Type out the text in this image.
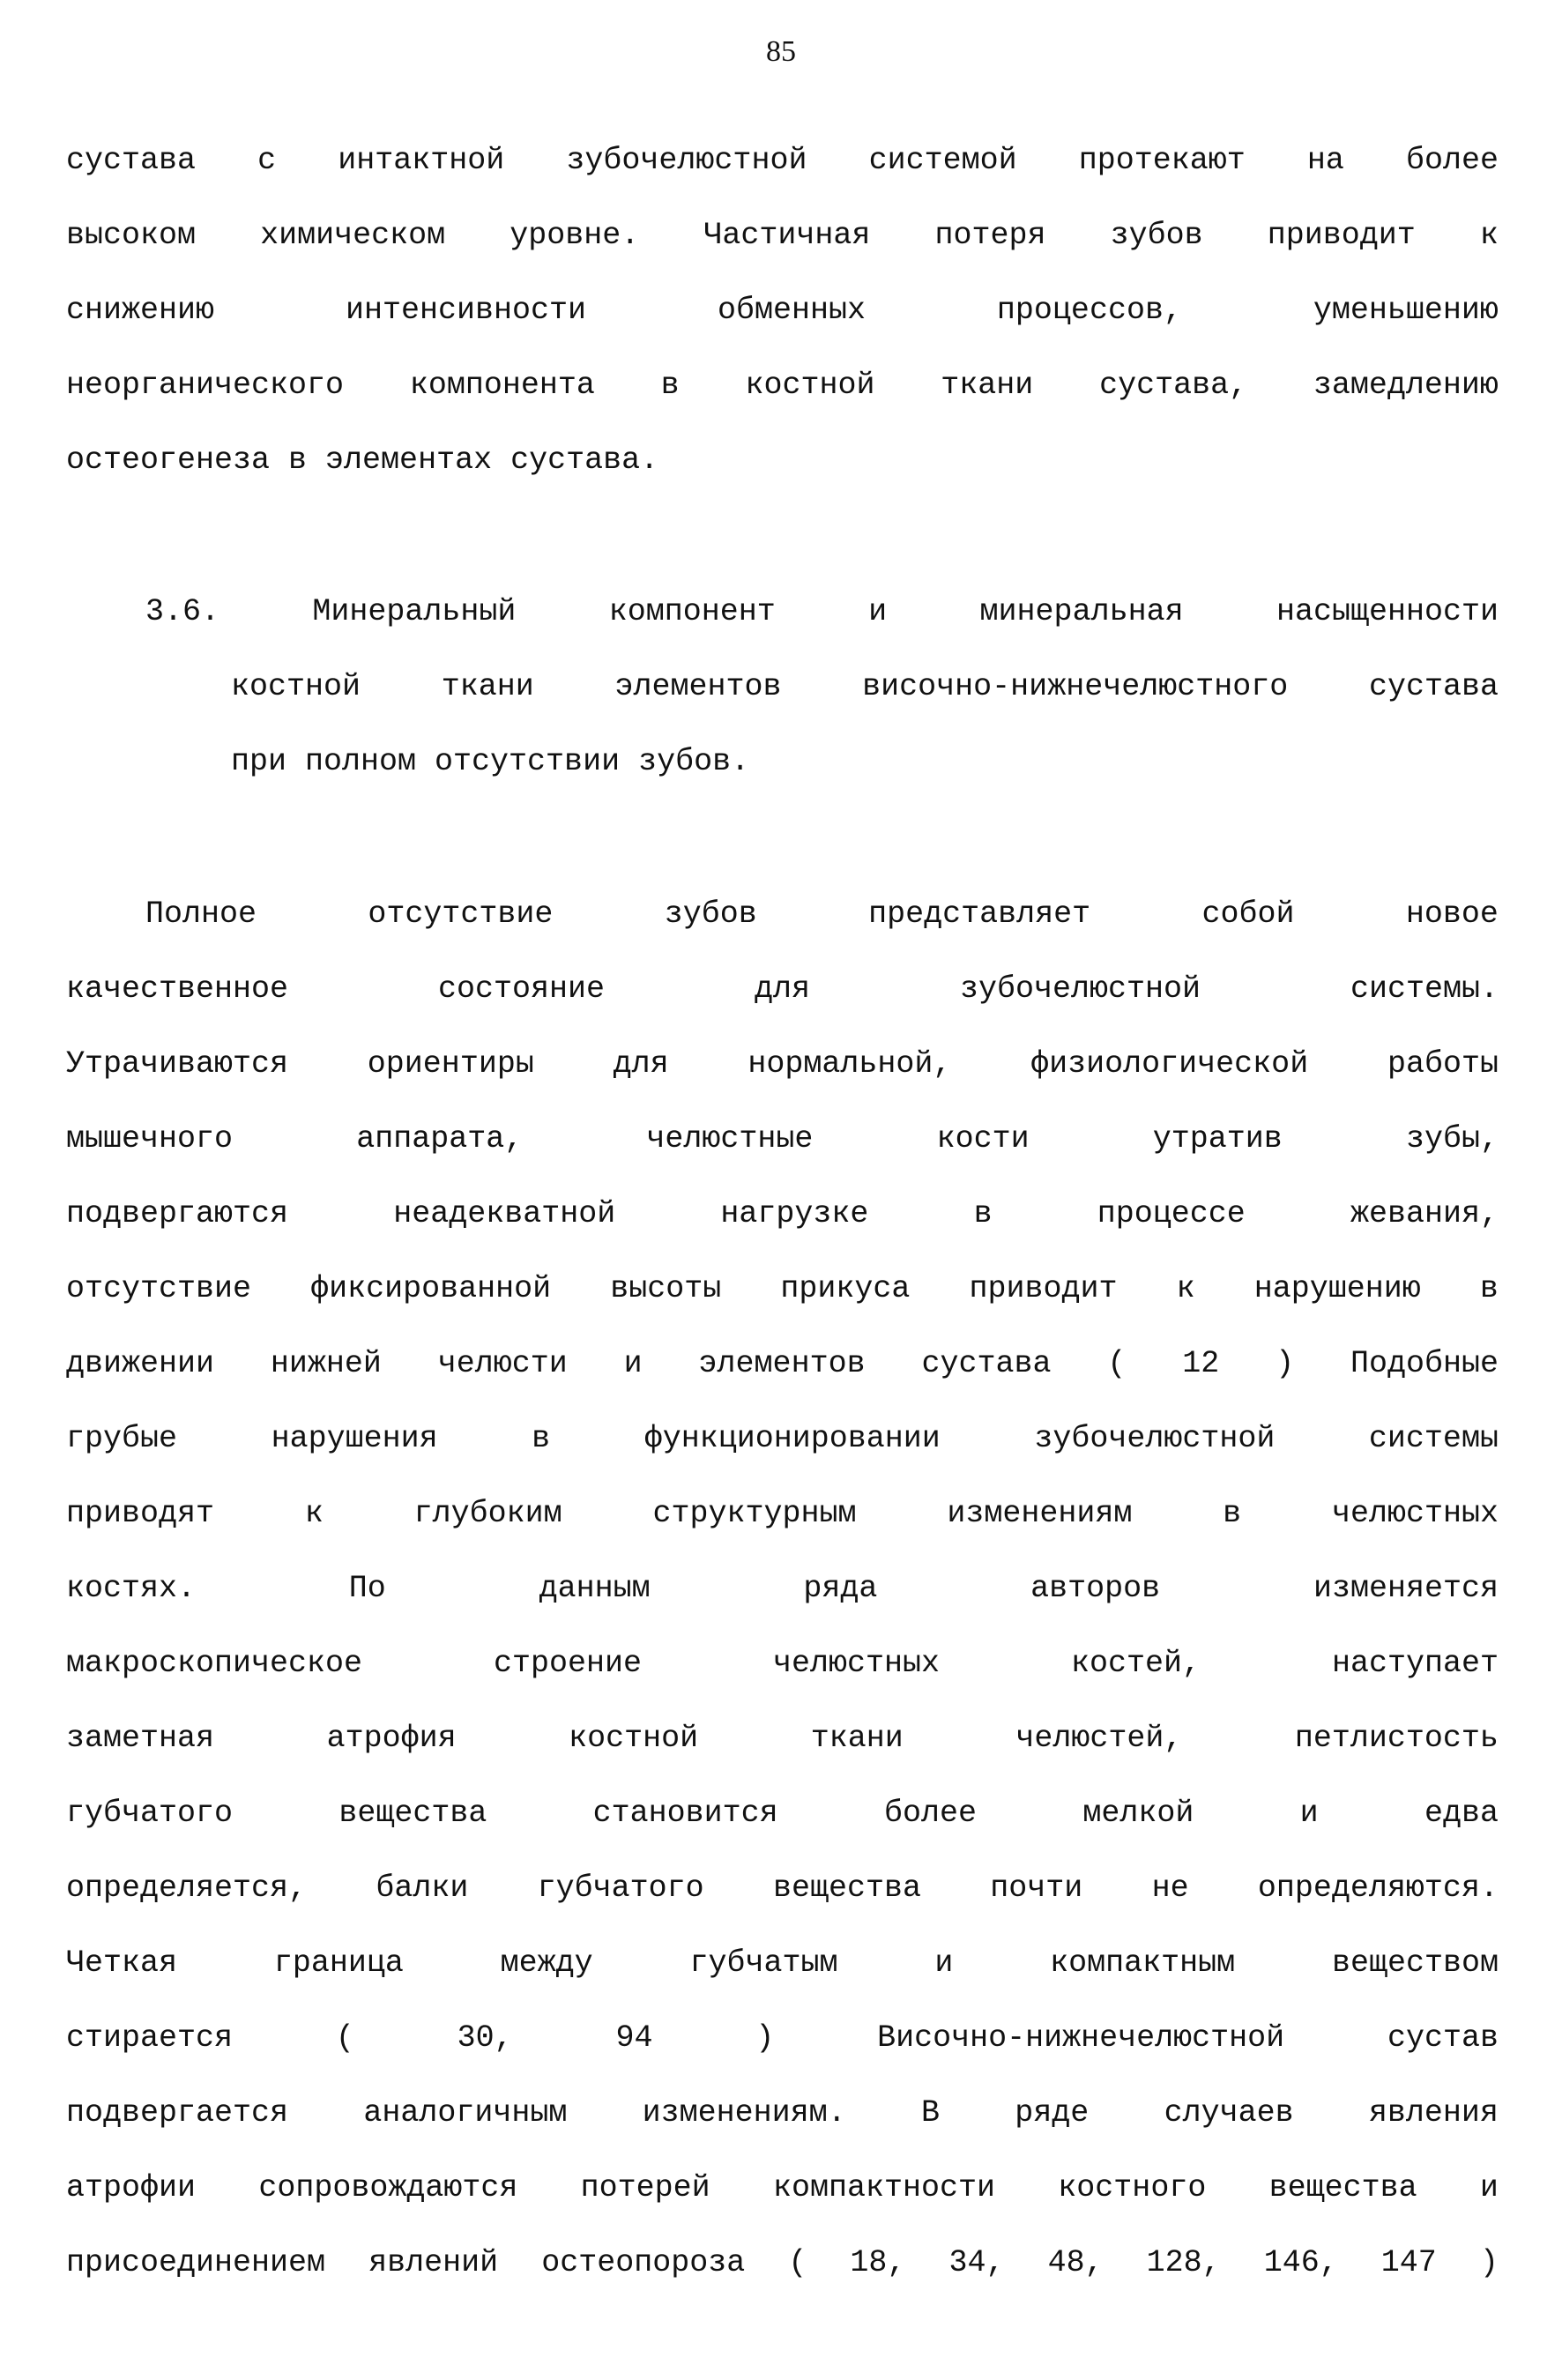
85
сустава с интактной зубочелюстной системой протекают на более
высоком химическом уровне. Частичная потеря зубов приводит к
снижению	интенсивности	обменных	процессов,	уменьшению
неорганического компонента в костной ткани сустава, замедлению
остеогенеза в элементах сустава.
3.6.	Минеральный	компонент	и	минеральная	насыщенности
костной	ткани	элементов	височно-нижнечелюстного	сустава
при полном отсутствии зубов.
Полное	отсутствие	зубов	представляет	собой	новое
качественное	состояние	для	зубочелюстной	системы.
Утрачиваются	ориентиры	для	нормальной,	физиологической	работы
мышечного	аппарата,	челюстные	кости	утратив	зубы,
подвергаются	неадекватной	нагрузке	в	процессе	жевания,
отсутствие фиксированной высоты прикуса приводит к нарушению в
движении нижней челюсти и элементов сустава ( 12 ) Подобные
грубые	нарушения	в	функционировании	зубочелюстной	системы
приводят	к	глубоким	структурным	изменениям	в	челюстных
костях.	По	данным	ряда	авторов	изменяется
макроскопическое	строение	челюстных	костей,	наступает
заметная	атрофия	костной	ткани	челюстей,	петлистость
губчатого	вещества	становится	более	мелкой	и	едва
определяется, балки губчатого вещества почти не определяются.
Четкая	граница	между	губчатым	и	компактным	веществом
стирается	(	30,	94	)	Височно-нижнечелюстной	сустав
подвергается аналогичным изменениям. В ряде случаев явления
атрофии сопровождаются потерей компактности костного вещества и
присоединением явлений остеопороза ( 18, 34, 48, 128, 146, 147 )
